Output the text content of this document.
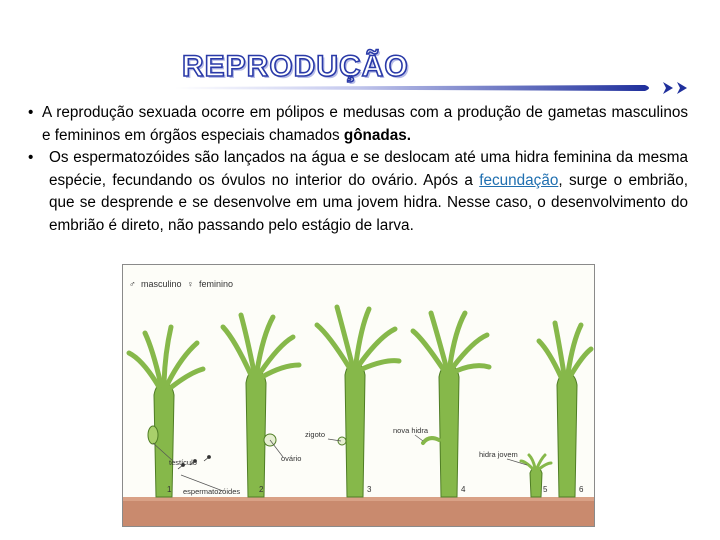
REPRODUÇÃO
• A reprodução sexuada ocorre em pólipos e medusas com a produção de gametas masculinos e femininos em órgãos especiais chamados gônadas.
• Os espermatozóides são lançados na água e se deslocam até uma hidra feminina da mesma espécie, fecundando os óvulos no interior do ovário. Após a fecundação, surge o embrião, que se desprende e se desenvolve em uma jovem hidra. Nesse caso, o desenvolvimento do embrião é direto, não passando pelo estágio de larva.
♂ masculino ♀ feminino
testículo
espermatozóides
ovário
zigoto	nova hidra
hidra jovem
1	2	3	4	5	6
